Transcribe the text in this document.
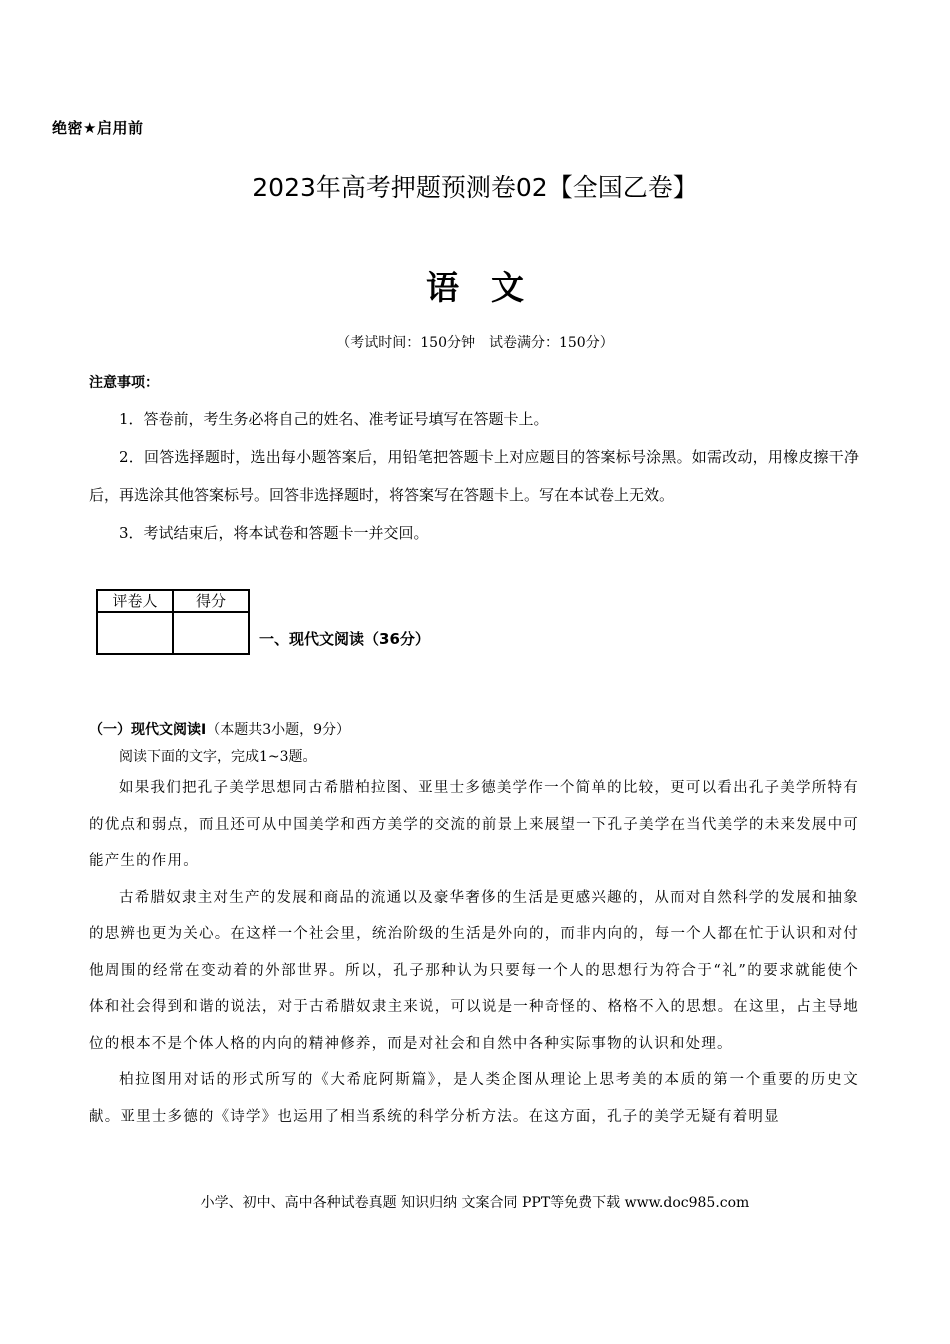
绝密★启用前
2023年高考押题预测卷02【全国乙卷】
语文
（考试时间：150分钟　试卷满分：150分）
注意事项：

1．答卷前，考生务必将自己的姓名、准考证号填写在答题卡上。

2．回答选择题时，选出每小题答案后，用铅笔把答题卡上对应题目的答案标号涂黑。如需改动，用橡皮擦干净后，再选涂其他答案标号。回答非选择题时，将答案写在答题卡上。写在本试卷上无效。

3．考试结束后，将本试卷和答题卡一并交回。

评卷人	得分

一、现代文阅读（36分）
（一）现代文阅读Ⅰ（本题共3小题，9分）
阅读下面的文字，完成1~3题。

如果我们把孔子美学思想同古希腊柏拉图、亚里士多德美学作一个简单的比较，更可以看出孔子美学所特有的优点和弱点，而且还可从中国美学和西方美学的交流的前景上来展望一下孔子美学在当代美学的未来发展中可能产生的作用。

古希腊奴隶主对生产的发展和商品的流通以及豪华奢侈的生活是更感兴趣的，从而对自然科学的发展和抽象的思辨也更为关心。在这样一个社会里，统治阶级的生活是外向的，而非内向的，每一个人都在忙于认识和对付他周围的经常在变动着的外部世界。所以，孔子那种认为只要每一个人的思想行为符合于“礼”的要求就能使个体和社会得到和谐的说法，对于古希腊奴隶主来说，可以说是一种奇怪的、格格不入的思想。在这里，占主导地位的根本不是个体人格的内向的精神修养，而是对社会和自然中各种实际事物的认识和处理。

柏拉图用对话的形式所写的《大希庇阿斯篇》，是人类企图从理论上思考美的本质的第一个重要的历史文献。亚里士多德的《诗学》也运用了相当系统的科学分析方法。在这方面，孔子的美学无疑有着明显

小学、初中、高中各种试卷真题 知识归纳 文案合同 PPT等免费下载 www.doc985.com
